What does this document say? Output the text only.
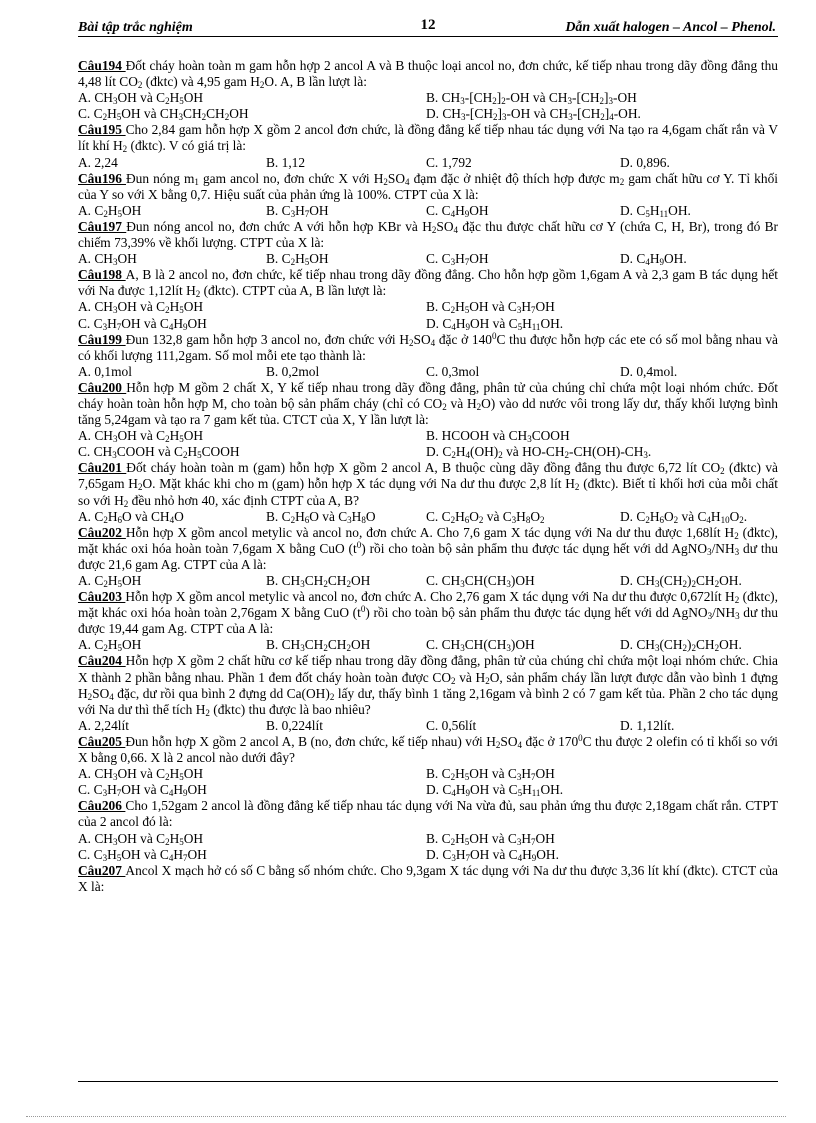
Bài tập trắc nghiệm	12	Dẫn xuất halogen – Ancol – Phenol.

Câu194 Đốt cháy hoàn toàn m gam hỗn hợp 2 ancol A và B thuộc loại ancol no, đơn chức, kế tiếp nhau trong dãy đồng đẳng thu 4,48 lít $CO_2$ (đktc) và 4,95 gam $H_2O$. A, B lần lượt là:

A. $CH_3OH$ và $C_2H_5OH$	B. $CH_3-[CH_2]_2-OH$ và $CH_3-[CH_2]_3-OH$
C. $C_2H_5OH$ và $CH_3CH_2CH_2OH$	D. $CH_3-[CH_2]_3-OH$ và $CH_3-[CH_2]_4-OH$.

Câu195 Cho 2,84 gam hỗn hợp X gồm 2 ancol đơn chức, là đồng đẳng kế tiếp nhau tác dụng với Na tạo ra 4,6gam chất rắn và V lít khí $H_2$ (đktc). V có giá trị là:

A. 2,24	B. 1,12	C. 1,792	D. 0,896.

Câu196 Đun nóng $m_1$ gam ancol no, đơn chức X với $H_2SO_4$ đạm đặc ở nhiệt độ thích hợp được $m_2$ gam chất hữu cơ Y. Tỉ khối của Y so với X bằng 0,7. Hiệu suất của phản ứng là 100%. CTPT của X là:

A. $C_2H_5OH$	B. $C_3H_7OH$	C. $C_4H_9OH$	D. $C_5H_{11}OH$.

Câu197 Đun nóng ancol no, đơn chức A với hỗn hợp KBr và $H_2SO_4$ đặc thu được chất hữu cơ Y (chứa C, H, Br), trong đó Br chiếm 73,39% về khối lượng. CTPT của X là:

A. $CH_3OH$	B. $C_2H_5OH$	C. $C_3H_7OH$	D. $C_4H_9OH$.

Câu198 A, B là 2 ancol no, đơn chức, kế tiếp nhau trong dãy đồng đẳng. Cho hỗn hợp gồm 1,6gam A và 2,3 gam B tác dụng hết với Na được 1,12lít $H_2$ (đktc). CTPT của A, B lần lượt là:

A. $CH_3OH$ và $C_2H_5OH$	B. $C_2H_5OH$ và $C_3H_7OH$
C. $C_3H_7OH$ và $C_4H_9OH$	D. $C_4H_9OH$ và $C_5H_{11}OH$.

Câu199 Đun 132,8 gam hỗn hợp 3 ancol no, đơn chức với $H_2SO_4$ đặc ở $140^0C$ thu được hỗn hợp các ete có số mol bằng nhau và có khối lượng 111,2gam. Số mol mỗi ete tạo thành là:

A. 0,1mol	B. 0,2mol	C. 0,3mol	D. 0,4mol.

Câu200 Hỗn hợp M gồm 2 chất X, Y kế tiếp nhau trong dãy đồng đẳng, phân tử của chúng chỉ chứa một loại nhóm chức. Đốt cháy hoàn toàn hỗn hợp M, cho toàn bộ sản phẩm cháy (chỉ có $CO_2$ và $H_2O$) vào dd nước vôi trong lấy dư, thấy khối lượng bình tăng 5,24gam và tạo ra 7 gam kết tủa. CTCT của X, Y lần lượt là:

A. $CH_3OH$ và $C_2H_5OH$	B. HCOOH và $CH_3COOH$
C. $CH_3COOH$ và $C_2H_5COOH$	D. $C_2H_4(OH)_2$ và $HO-CH_2-CH(OH)-CH_3$.

Câu201 Đốt cháy hoàn toàn m (gam) hỗn hợp X gồm 2 ancol A, B thuộc cùng dãy đồng đẳng thu được 6,72 lít $CO_2$ (đktc) và 7,65gam $H_2O$. Mặt khác khi cho m (gam) hỗn hợp X tác dụng với Na dư thu được 2,8 lít $H_2$ (đktc). Biết tỉ khối hơi của mỗi chất so với $H_2$ đều nhỏ hơn 40, xác định CTPT của A, B?

A. $C_2H_6O$ và $CH_4O$	B. $C_2H_6O$ và $C_3H_8O$	C. $C_2H_6O_2$ và $C_3H_8O_2$	D. $C_2H_6O_2$ và $C_4H_{10}O_2$.

Câu202 Hỗn hợp X gồm ancol metylic và ancol no, đơn chức A. Cho 7,6 gam X tác dụng với Na dư thu được 1,68lít $H_2$ (đktc), mặt khác oxi hóa hoàn toàn 7,6gam X bằng CuO $(t^0)$ rồi cho toàn bộ sản phẩm thu được tác dụng hết với dd $AgNO_3/NH_3$ dư thu được 21,6 gam Ag. CTPT của A là:

A. $C_2H_5OH$	B. $CH_3CH_2CH_2OH$	C. $CH_3CH(CH_3)OH$	D. $CH_3(CH_2)_2CH_2OH$.

Câu203 Hỗn hợp X gồm ancol metylic và ancol no, đơn chức A. Cho 2,76 gam X tác dụng với Na dư thu được 0,672lít $H_2$ (đktc), mặt khác oxi hóa hoàn toàn 2,76gam X bằng CuO $(t^0)$ rồi cho toàn bộ sản phẩm thu được tác dụng hết với dd $AgNO_3/NH_3$ dư thu được 19,44 gam Ag. CTPT của A là:

A. $C_2H_5OH$	B. $CH_3CH_2CH_2OH$	C. $CH_3CH(CH_3)OH$	D. $CH_3(CH_2)_2CH_2OH$.

Câu204 Hỗn hợp X gồm 2 chất hữu cơ kế tiếp nhau trong dãy đồng đẳng, phân tử của chúng chỉ chứa một loại nhóm chức. Chia X thành 2 phần bằng nhau. Phần 1 đem đốt cháy hoàn toàn được $CO_2$ và $H_2O$, sản phẩm cháy lần lượt được dẫn vào bình 1 đựng $H_2SO_4$ đặc, dư rồi qua bình 2 đựng dd $Ca(OH)_2$ lấy dư, thấy bình 1 tăng 2,16gam và bình 2 có 7 gam kết tủa. Phần 2 cho tác dụng với Na dư thì thể tích $H_2$ (đktc) thu được là bao nhiêu?

A. 2,24lít	B. 0,224lít	C. 0,56lít	D. 1,12lít.

Câu205 Đun hỗn hợp X gồm 2 ancol A, B (no, đơn chức, kế tiếp nhau) với $H_2SO_4$ đặc ở $170^0C$ thu được 2 olefin có tỉ khối so với X bằng 0,66. X là 2 ancol nào dưới đây?

A. $CH_3OH$ và $C_2H_5OH$	B. $C_2H_5OH$ và $C_3H_7OH$
C. $C_3H_7OH$ và $C_4H_9OH$	D. $C_4H_9OH$ và $C_5H_{11}OH$.

Câu206 Cho 1,52gam 2 ancol là đồng đẳng kế tiếp nhau tác dụng với Na vừa đủ, sau phản ứng thu được 2,18gam chất rắn. CTPT của 2 ancol đó là:

A. $CH_3OH$ và $C_2H_5OH$	B. $C_2H_5OH$ và $C_3H_7OH$
C. $C_3H_5OH$ và $C_4H_7OH$	D. $C_3H_7OH$ và $C_4H_9OH$.

Câu207 Ancol X mạch hở có số C bằng số nhóm chức. Cho 9,3gam X tác dụng với Na dư thu được 3,36 lít khí (đktc). CTCT của X là:
